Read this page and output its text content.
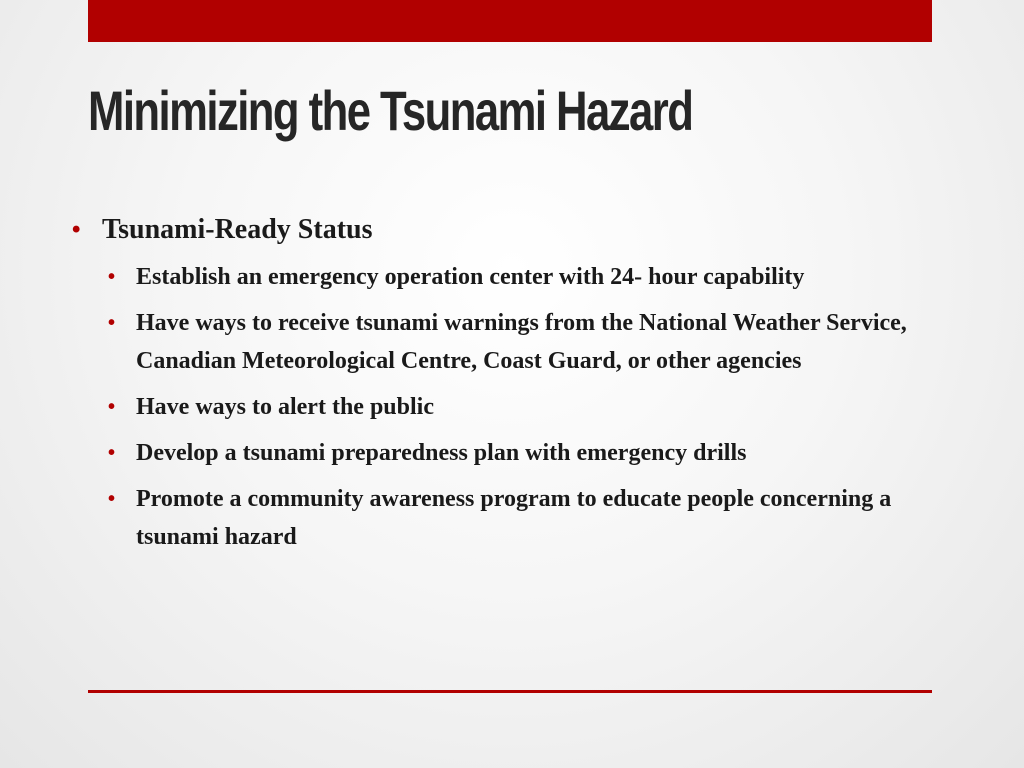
Minimizing the Tsunami Hazard
• Tsunami-Ready Status
• Establish an emergency operation center with 24- hour capability
• Have ways to receive tsunami warnings from the National Weather Service, Canadian Meteorological Centre, Coast Guard, or other agencies
• Have ways to alert the public
• Develop a tsunami preparedness plan with emergency drills
• Promote a community awareness program to educate people concerning a tsunami hazard
